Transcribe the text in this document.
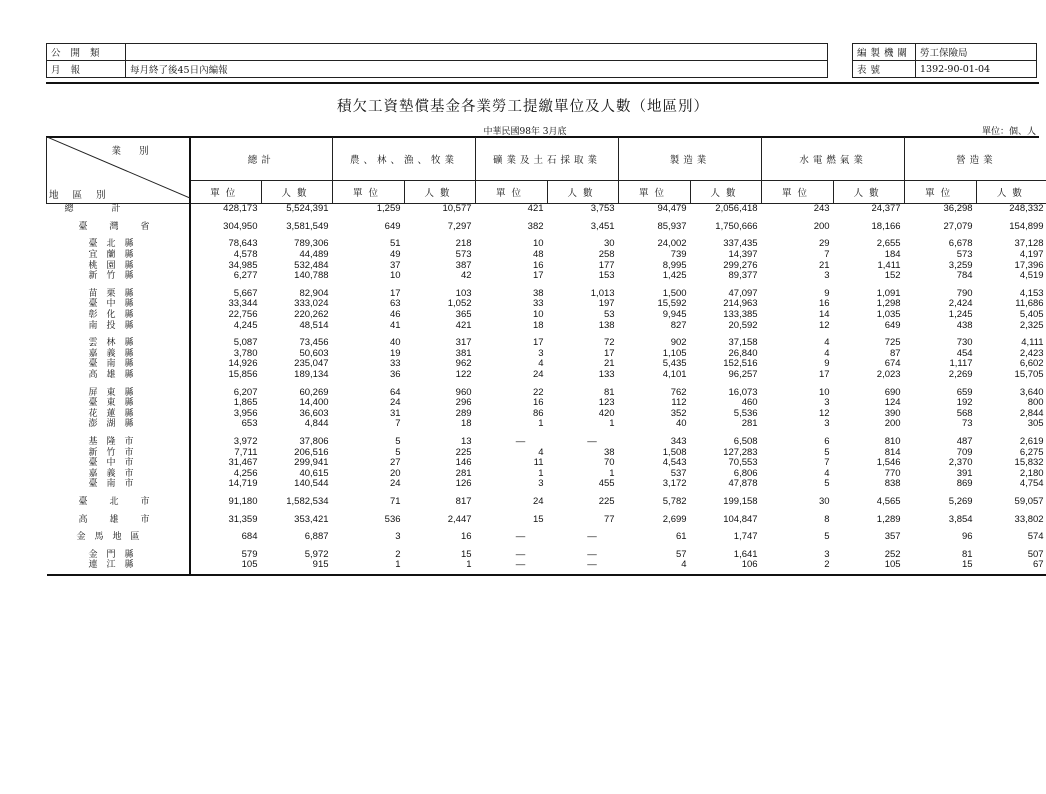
公開類	
月報	每月終了後45日內編報
編製機關	勞工保險局
表號	1392-90-01-04
積欠工資墊償基金各業勞工提繳單位及人數（地區別）
中華民國98年 3月底	單位：個、人
業別
地區別	總計		農、林、漁、牧業		礦業及土石採取業		製造業		水電燃氣業		營造業	
	單位	人數	單位	人數	單位	人數	單位	人數	單位	人數	單位	人數
總計	428,173	5,524,391	1,259	10,577	421	3,753	94,479	2,056,418	243	24,377	36,298	248,332
臺灣省	304,950	3,581,549	649	7,297	382	3,451	85,937	1,750,666	200	18,166	27,079	154,899
臺北縣	78,643	789,306	51	218	10	30	24,002	337,435	29	2,655	6,678	37,128
宜蘭縣	4,578	44,489	49	573	48	258	739	14,397	7	184	573	4,197
桃園縣	34,985	532,484	37	387	16	177	8,995	299,276	21	1,411	3,259	17,396
新竹縣	6,277	140,788	10	42	17	153	1,425	89,377	3	152	784	4,519
苗栗縣	5,667	82,904	17	103	38	1,013	1,500	47,097	9	1,091	790	4,153
臺中縣	33,344	333,024	63	1,052	33	197	15,592	214,963	16	1,298	2,424	11,686
彰化縣	22,756	220,262	46	365	10	53	9,945	133,385	14	1,035	1,245	5,405
南投縣	4,245	48,514	41	421	18	138	827	20,592	12	649	438	2,325
雲林縣	5,087	73,456	40	317	17	72	902	37,158	4	725	730	4,111
嘉義縣	3,780	50,603	19	381	3	17	1,105	26,840	4	87	454	2,423
臺南縣	14,926	235,047	33	962	4	21	5,435	152,516	9	674	1,117	6,602
高雄縣	15,856	189,134	36	122	24	133	4,101	96,257	17	2,023	2,269	15,705
屏東縣	6,207	60,269	64	960	22	81	762	16,073	10	690	659	3,640
臺東縣	1,865	14,400	24	296	16	123	112	460	3	124	192	800
花蓮縣	3,956	36,603	31	289	86	420	352	5,536	12	390	568	2,844
澎湖縣	653	4,844	7	18	1	1	40	281	3	200	73	305
基隆市	3,972	37,806	5	13	—	—	343	6,508	6	810	487	2,619
新竹市	7,711	206,516	5	225	4	38	1,508	127,283	5	814	709	6,275
臺中市	31,467	299,941	27	146	11	70	4,543	70,553	7	1,546	2,370	15,832
嘉義市	4,256	40,615	20	281	1	1	537	6,806	4	770	391	2,180
臺南市	14,719	140,544	24	126	3	455	3,172	47,878	5	838	869	4,754
臺北市	91,180	1,582,534	71	817	24	225	5,782	199,158	30	4,565	5,269	59,057
高雄市	31,359	353,421	536	2,447	15	77	2,699	104,847	8	1,289	3,854	33,802
金馬地區	684	6,887	3	16	—	—	61	1,747	5	357	96	574
金門縣	579	5,972	2	15	—	—	57	1,641	3	252	81	507
連江縣	105	915	1	1	—	—	4	106	2	105	15	67
